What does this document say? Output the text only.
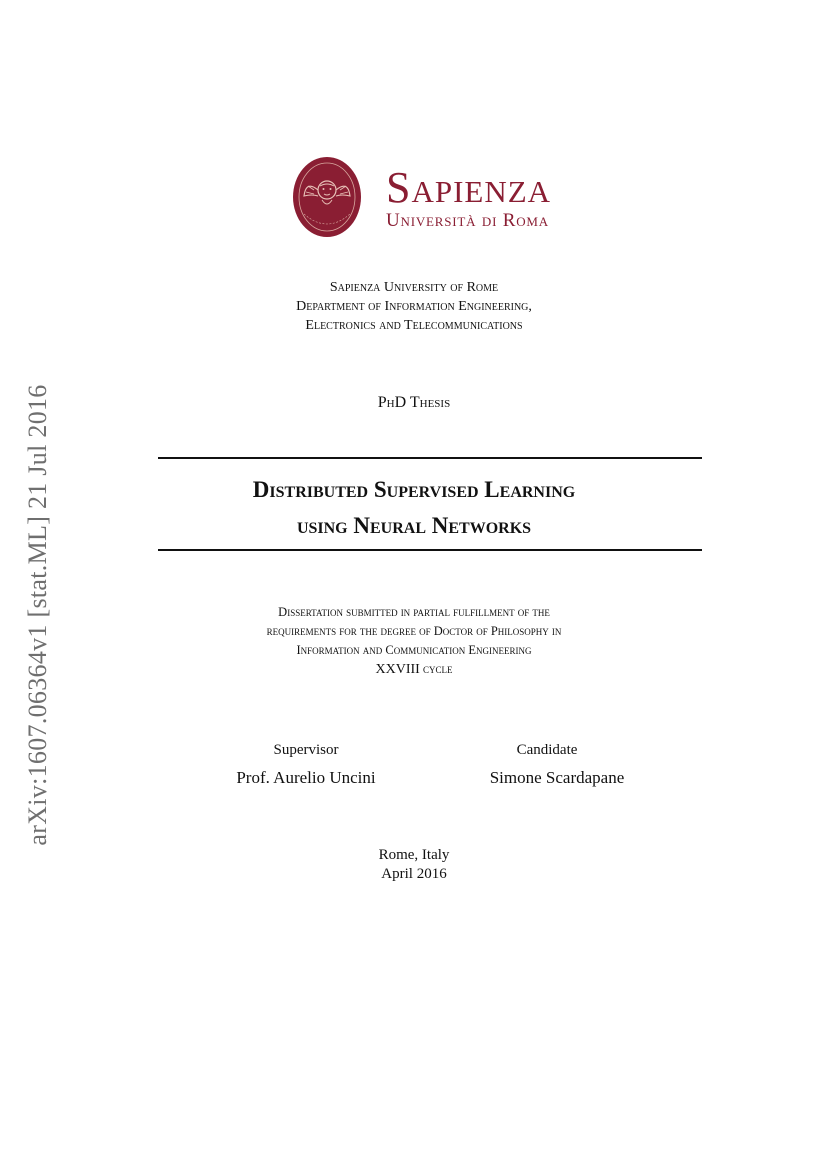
arXiv:1607.06364v1 [stat.ML] 21 Jul 2016
Sapienza
Università di Roma
Sapienza University of Rome
Department of Information Engineering,
Electronics and Telecommunications
PhD Thesis
Distributed Supervised Learning
using Neural Networks
Dissertation submitted in partial fulfillment of the
requirements for the degree of Doctor of Philosophy in
Information and Communication Engineering
XXVIII cycle
Supervisor	Candidate
Prof. Aurelio Uncini	Simone Scardapane
Rome, Italy
April 2016
